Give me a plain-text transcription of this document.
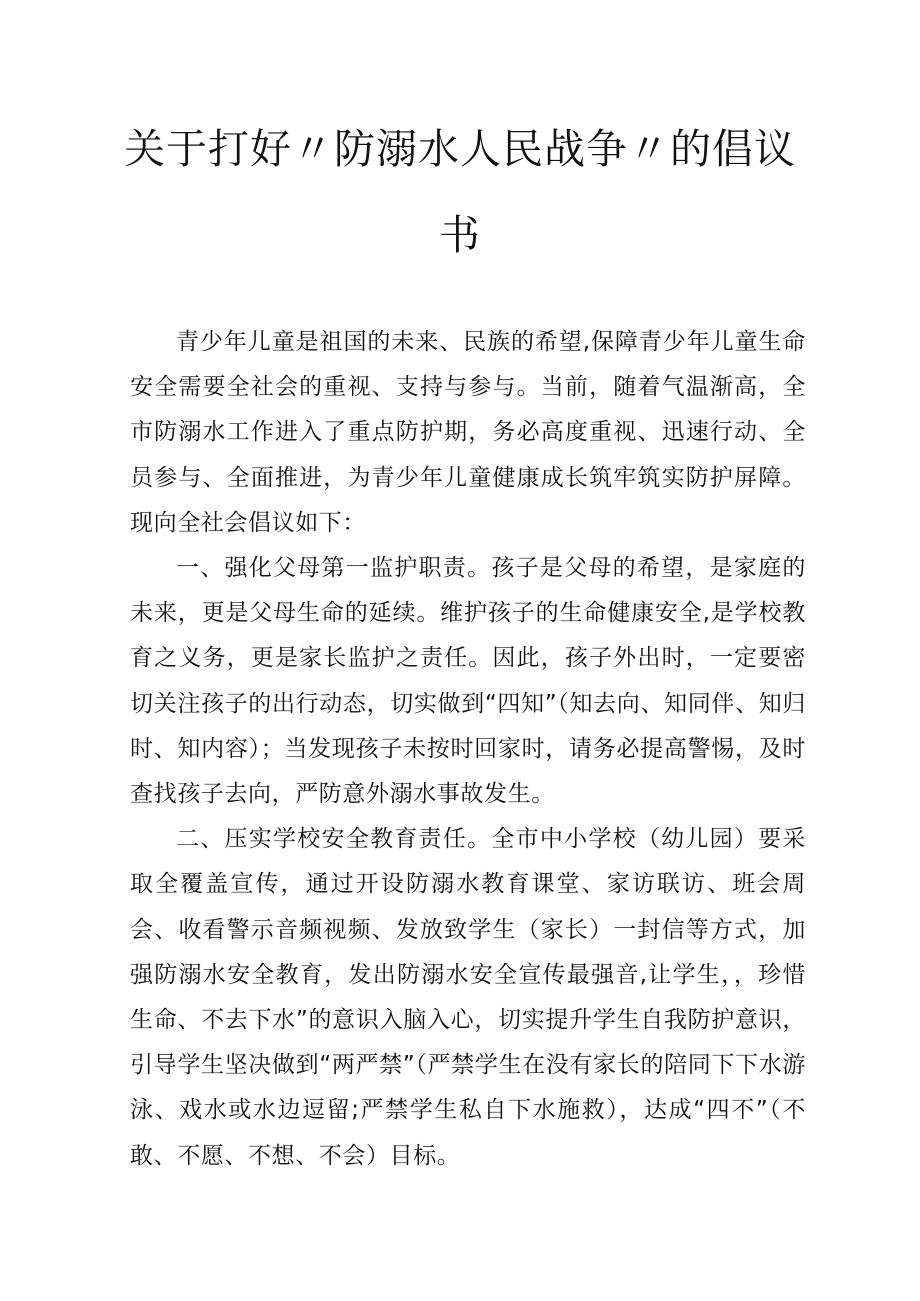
关于打好〃防溺水人民战争〃的倡议
书

青少年儿童是祖国的未来、民族的希望,保障青少年儿童生命安全需要全社会的重视、支持与参与。当前，随着气温渐高，全市防溺水工作进入了重点防护期，务必高度重视、迅速行动、全员参与、全面推进，为青少年儿童健康成长筑牢筑实防护屏障。现向全社会倡议如下：

一、强化父母第一监护职责。孩子是父母的希望，是家庭的未来，更是父母生命的延续。维护孩子的生命健康安全,是学校教育之义务，更是家长监护之责任。因此，孩子外出时，一定要密切关注孩子的出行动态，切实做到“四知”（知去向、知同伴、知归时、知内容）；当发现孩子未按时回家时，请务必提高警惕，及时查找孩子去向，严防意外溺水事故发生。

二、压实学校安全教育责任。全市中小学校（幼儿园）要采取全覆盖宣传，通过开设防溺水教育课堂、家访联访、班会周会、收看警示音频视频、发放致学生（家长）一封信等方式，加强防溺水安全教育，发出防溺水安全宣传最强音,让学生，，珍惜生命、不去下水”的意识入脑入心，切实提升学生自我防护意识，引导学生坚决做到“两严禁”（严禁学生在没有家长的陪同下下水游泳、戏水或水边逗留;严禁学生私自下水施救），达成“四不”（不敢、不愿、不想、不会）目标。
